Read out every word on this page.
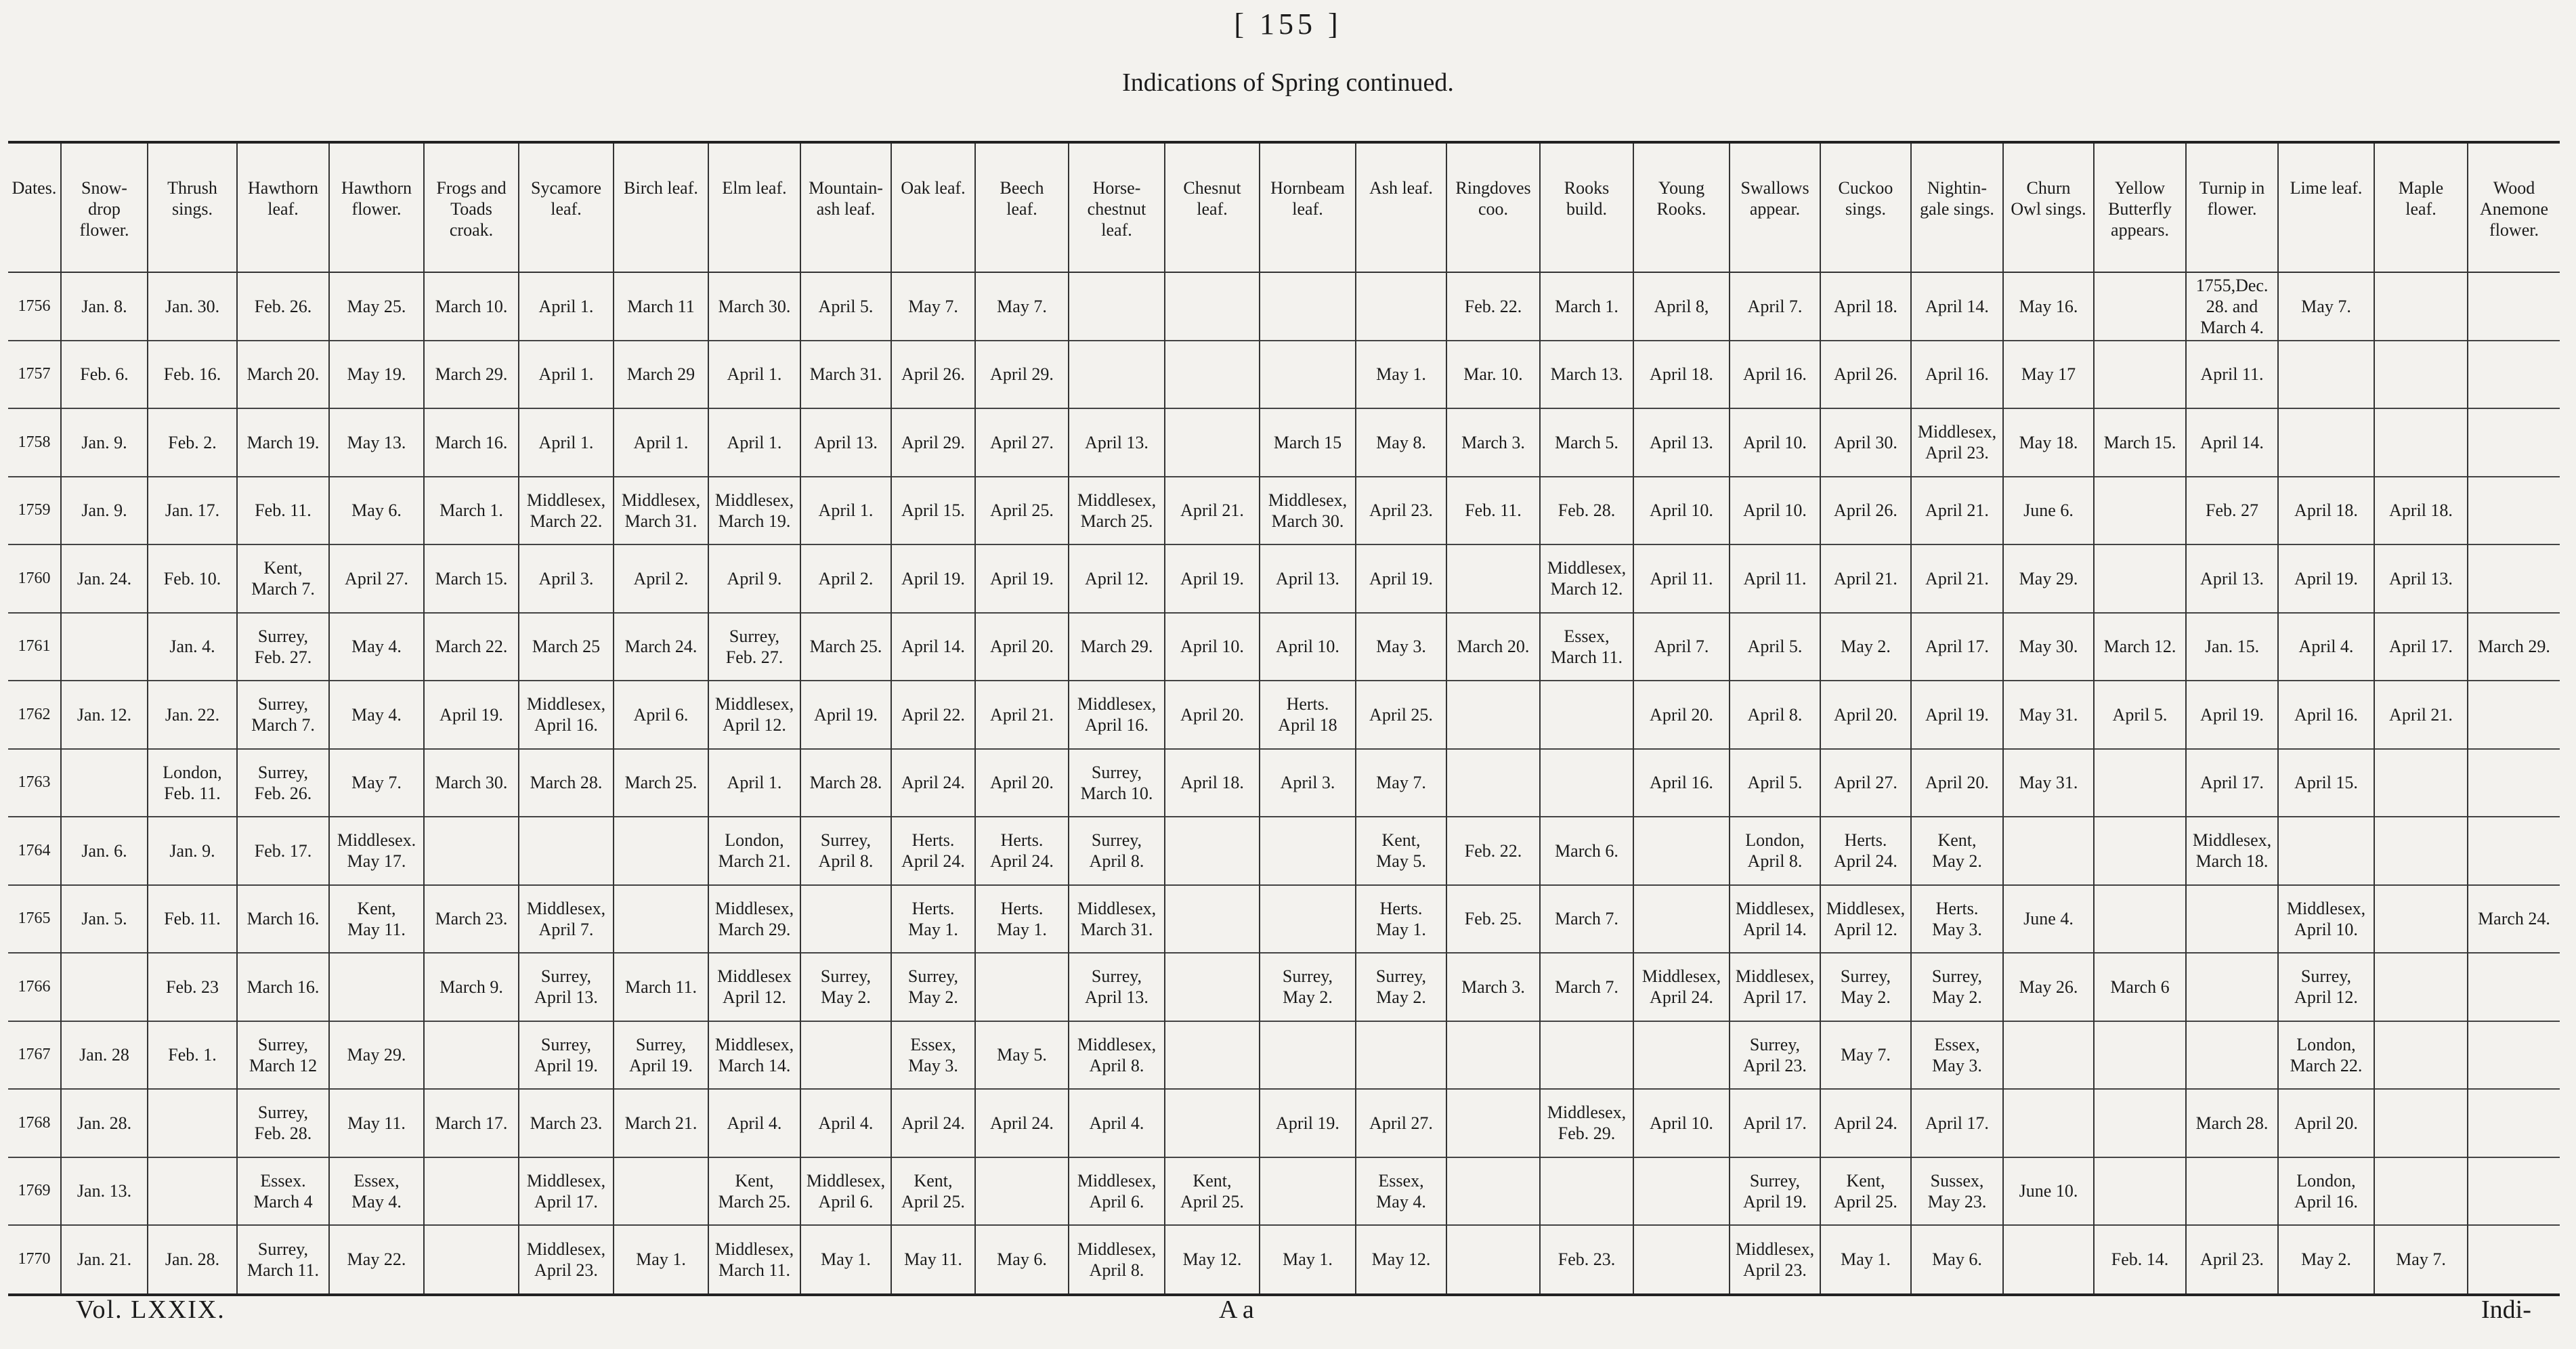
[ 155 ]
Indications of Spring continued.
Dates.	Snow-
drop
flower.	Thrush
sings.	Hawthorn
leaf.	Hawthorn
flower.	Frogs and
Toads
croak.	Sycamore
leaf.	Birch leaf.	Elm leaf.	Mountain-
ash leaf.	Oak leaf.	Beech
leaf.	Horse-
chestnut
leaf.	Chesnut
leaf.	Hornbeam
leaf.	Ash leaf.	Ringdoves
coo.	Rooks
build.	Young
Rooks.	Swallows
appear.	Cuckoo
sings.	Nightin-
gale sings.	Churn
Owl sings.	Yellow
Butterfly
appears.	Turnip in
flower.	Lime leaf.	Maple
leaf.	Wood
Anemone
flower.
1756	Jan. 8.	Jan. 30.	Feb. 26.	May 25.	March 10.	April 1.	March 11	March 30.	April 5.	May 7.	May 7.					Feb. 22.	March 1.	April 8,	April 7.	April 18.	April 14.	May 16.		1755,Dec.
28. and
March 4.	May 7.		
1757	Feb. 6.	Feb. 16.	March 20.	May 19.	March 29.	April 1.	March 29	April 1.	March 31.	April 26.	April 29.				May 1.	Mar. 10.	March 13.	April 18.	April 16.	April 26.	April 16.	May 17		April 11.			
1758	Jan. 9.	Feb. 2.	March 19.	May 13.	March 16.	April 1.	April 1.	April 1.	April 13.	April 29.	April 27.	April 13.		March 15	May 8.	March 3.	March 5.	April 13.	April 10.	April 30.	Middlesex,
April 23.	May 18.	March 15.	April 14.			
1759	Jan. 9.	Jan. 17.	Feb. 11.	May 6.	March 1.	Middlesex,
March 22.	Middlesex,
March 31.	Middlesex,
March 19.	April 1.	April 15.	April 25.	Middlesex,
March 25.	April 21.	Middlesex,
March 30.	April 23.	Feb. 11.	Feb. 28.	April 10.	April 10.	April 26.	April 21.	June 6.		Feb. 27	April 18.	April 18.	
1760	Jan. 24.	Feb. 10.	Kent,
March 7.	April 27.	March 15.	April 3.	April 2.	April 9.	April 2.	April 19.	April 19.	April 12.	April 19.	April 13.	April 19.		Middlesex,
March 12.	April 11.	April 11.	April 21.	April 21.	May 29.		April 13.	April 19.	April 13.	
1761		Jan. 4.	Surrey,
Feb. 27.	May 4.	March 22.	March 25	March 24.	Surrey,
Feb. 27.	March 25.	April 14.	April 20.	March 29.	April 10.	April 10.	May 3.	March 20.	Essex,
March 11.	April 7.	April 5.	May 2.	April 17.	May 30.	March 12.	Jan. 15.	April 4.	April 17.	March 29.
1762	Jan. 12.	Jan. 22.	Surrey,
March 7.	May 4.	April 19.	Middlesex,
April 16.	April 6.	Middlesex,
April 12.	April 19.	April 22.	April 21.	Middlesex,
April 16.	April 20.	Herts.
April 18	April 25.			April 20.	April 8.	April 20.	April 19.	May 31.	April 5.	April 19.	April 16.	April 21.	
1763		London,
Feb. 11.	Surrey,
Feb. 26.	May 7.	March 30.	March 28.	March 25.	April 1.	March 28.	April 24.	April 20.	Surrey,
March 10.	April 18.	April 3.	May 7.			April 16.	April 5.	April 27.	April 20.	May 31.		April 17.	April 15.		
1764	Jan. 6.	Jan. 9.	Feb. 17.	Middlesex.
May 17.				London,
March 21.	Surrey,
April 8.	Herts.
April 24.	Herts.
April 24.	Surrey,
April 8.			Kent,
May 5.	Feb. 22.	March 6.		London,
April 8.	Herts.
April 24.	Kent,
May 2.			Middlesex,
March 18.			
1765	Jan. 5.	Feb. 11.	March 16.	Kent,
May 11.	March 23.	Middlesex,
April 7.		Middlesex,
March 29.		Herts.
May 1.	Herts.
May 1.	Middlesex,
March 31.			Herts.
May 1.	Feb. 25.	March 7.		Middlesex,
April 14.	Middlesex,
April 12.	Herts.
May 3.	June 4.			Middlesex,
April 10.		March 24.
1766		Feb. 23	March 16.		March 9.	Surrey,
April 13.	March 11.	Middlesex
April 12.	Surrey,
May 2.	Surrey,
May 2.		Surrey,
April 13.		Surrey,
May 2.	Surrey,
May 2.	March 3.	March 7.	Middlesex,
April 24.	Middlesex,
April 17.	Surrey,
May 2.	Surrey,
May 2.	May 26.	March 6		Surrey,
April 12.		
1767	Jan. 28	Feb. 1.	Surrey,
March 12	May 29.		Surrey,
April 19.	Surrey,
April 19.	Middlesex,
March 14.		Essex,
May 3.	May 5.	Middlesex,
April 8.							Surrey,
April 23.	May 7.	Essex,
May 3.				London,
March 22.		
1768	Jan. 28.		Surrey,
Feb. 28.	May 11.	March 17.	March 23.	March 21.	April 4.	April 4.	April 24.	April 24.	April 4.		April 19.	April 27.		Middlesex,
Feb. 29.	April 10.	April 17.	April 24.	April 17.			March 28.	April 20.		
1769	Jan. 13.		Essex.
March 4	Essex,
May 4.		Middlesex,
April 17.		Kent,
March 25.	Middlesex,
April 6.	Kent,
April 25.		Middlesex,
April 6.	Kent,
April 25.		Essex,
May 4.				Surrey,
April 19.	Kent,
April 25.	Sussex,
May 23.	June 10.			London,
April 16.		
1770	Jan. 21.	Jan. 28.	Surrey,
March 11.	May 22.		Middlesex,
April 23.	May 1.	Middlesex,
March 11.	May 1.	May 11.	May 6.	Middlesex,
April 8.	May 12.	May 1.	May 12.		Feb. 23.		Middlesex,
April 23.	May 1.	May 6.		Feb. 14.	April 23.	May 2.	May 7.	
Vol. LXXIX.	A a	Indi-
